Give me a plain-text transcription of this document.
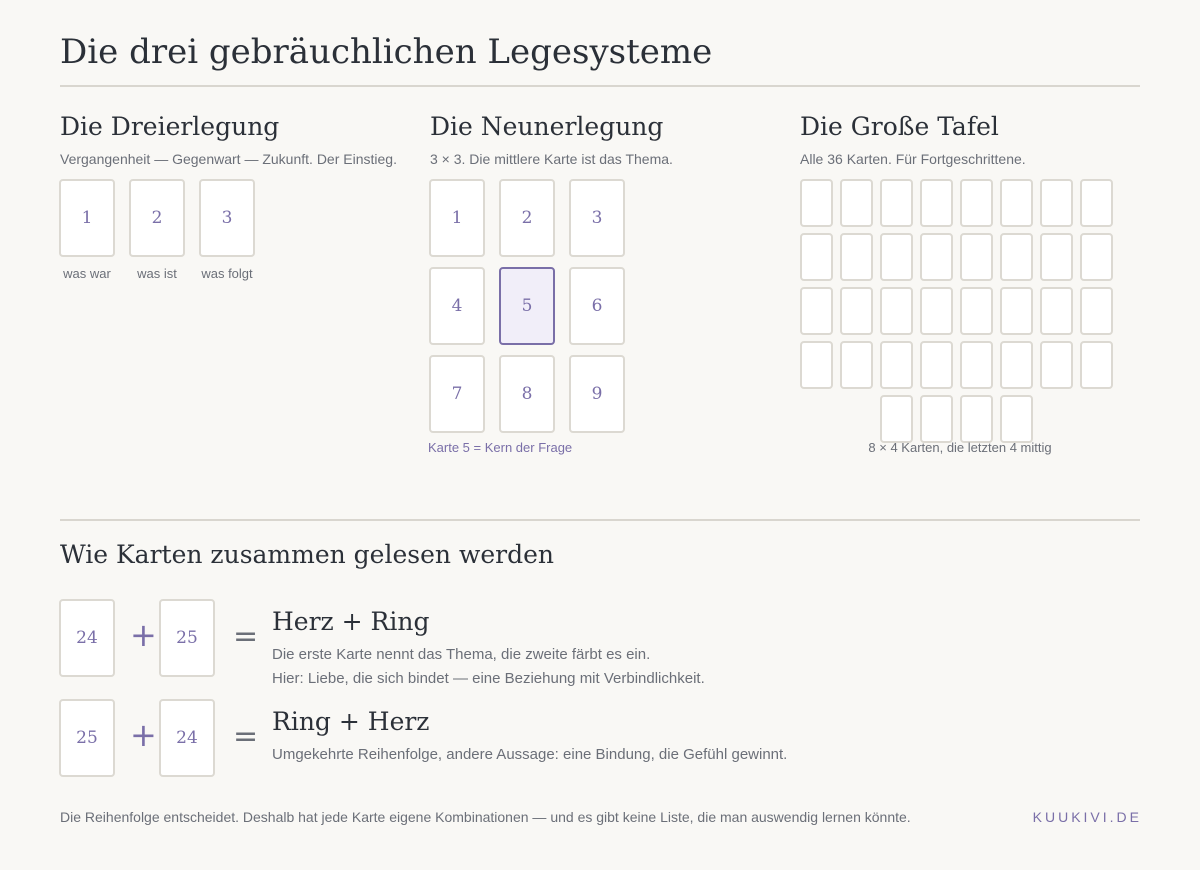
Die drei gebräuchlichen Legesysteme
Die Dreierlegung
Vergangenheit — Gegenwart — Zukunft. Der Einstieg.
1	2	3
was war	was ist	was folgt
Die Neunerlegung
3 × 3. Die mittlere Karte ist das Thema.
1	2	3
4	5	6
7	8	9
Karte 5 = Kern der Frage
Die Große Tafel
Alle 36 Karten. Für Fortgeschrittene.
8 × 4 Karten, die letzten 4 mittig
Wie Karten zusammen gelesen werden
24	+	25	= Herz + Ring
Die erste Karte nennt das Thema, die zweite färbt es ein.
Hier: Liebe, die sich bindet — eine Beziehung mit Verbindlichkeit.
25	+	24	= Ring + Herz
Umgekehrte Reihenfolge, andere Aussage: eine Bindung, die Gefühl gewinnt.
Die Reihenfolge entscheidet. Deshalb hat jede Karte eigene Kombinationen — und es gibt keine Liste, die man auswendig lernen könnte.	KUUKIVI.DE
